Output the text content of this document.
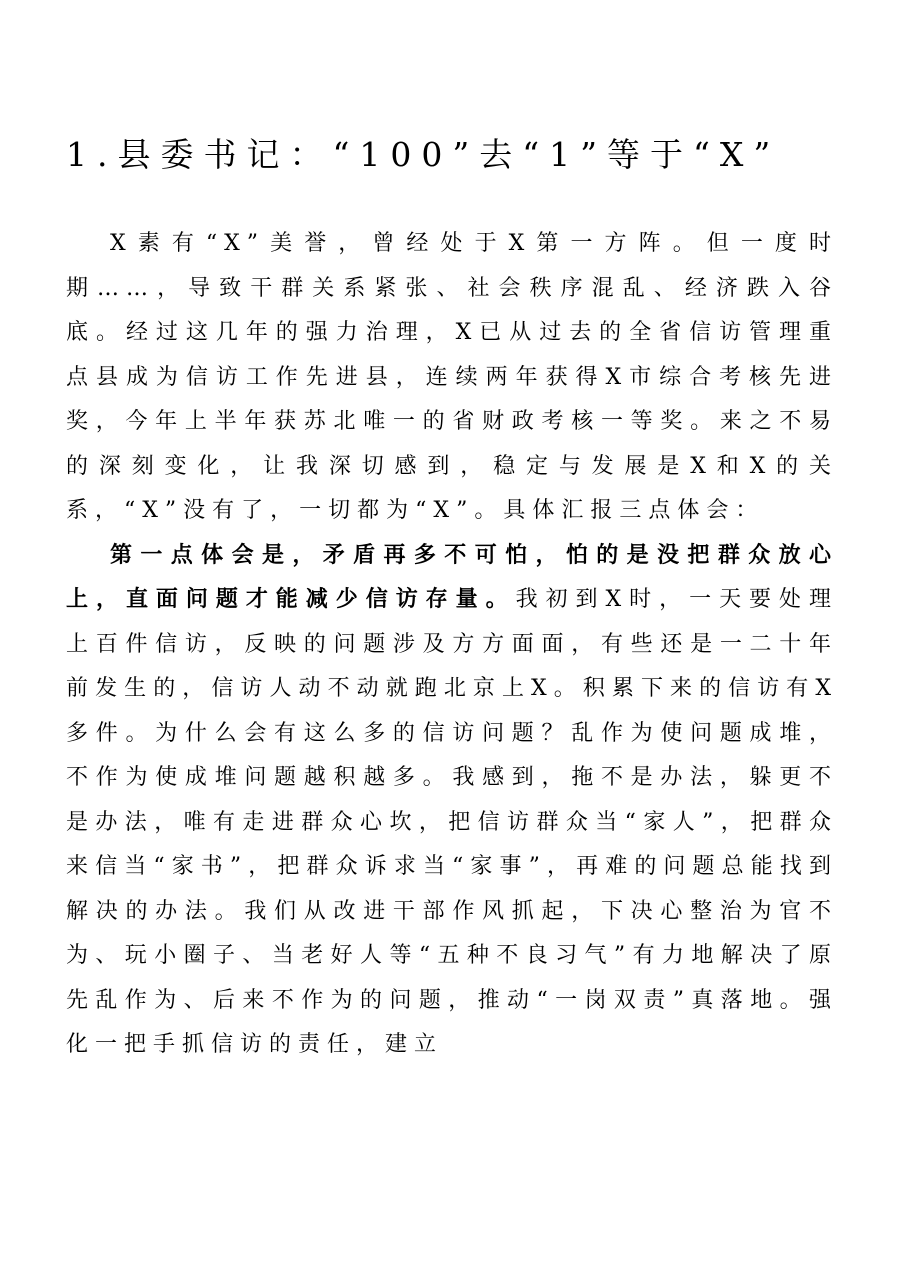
1.县委书记：“100”去“1”等于“X”

X素有“X”美誉，曾经处于X第一方阵。但一度时期……，导致干群关系紧张、社会秩序混乱、经济跌入谷底。经过这几年的强力治理，X已从过去的全省信访管理重点县成为信访工作先进县，连续两年获得X市综合考核先进奖，今年上半年获苏北唯一的省财政考核一等奖。来之不易的深刻变化，让我深切感到，稳定与发展是X和X的关系，“X”没有了，一切都为“X”。具体汇报三点体会：

第一点体会是，矛盾再多不可怕，怕的是没把群众放心上，直面问题才能减少信访存量。我初到X时，一天要处理上百件信访，反映的问题涉及方方面面，有些还是一二十年前发生的，信访人动不动就跑北京上X。积累下来的信访有X多件。为什么会有这么多的信访问题？乱作为使问题成堆，不作为使成堆问题越积越多。我感到，拖不是办法，躲更不是办法，唯有走进群众心坎，把信访群众当“家人”，把群众来信当“家书”，把群众诉求当“家事”，再难的问题总能找到解决的办法。我们从改进干部作风抓起，下决心整治为官不为、玩小圈子、当老好人等“五种不良习气”有力地解决了原先乱作为、后来不作为的问题，推动“一岗双责”真落地。强化一把手抓信访的责任，建立
